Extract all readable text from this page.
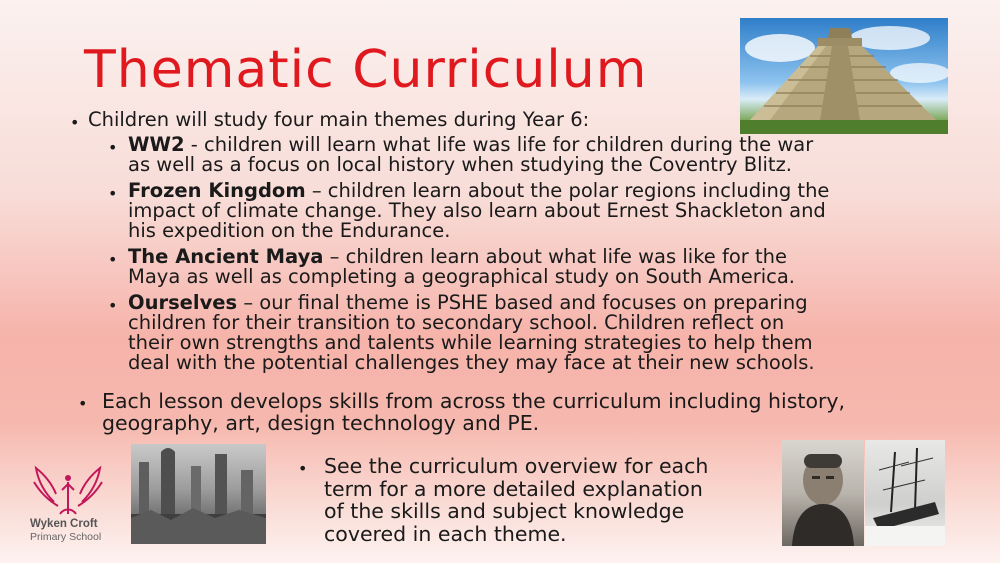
Thematic Curriculum
• Children will study four main themes during Year 6:
• WW2 - children will learn what life was life for children during the war
as well as a focus on local history when studying the Coventry Blitz.
• Frozen Kingdom – children learn about the polar regions including the
impact of climate change. They also learn about Ernest Shackleton and
his expedition on the Endurance.
• The Ancient Maya – children learn about what life was like for the
Maya as well as completing a geographical study on South America.
• Ourselves – our final theme is PSHE based and focuses on preparing
children for their transition to secondary school. Children reflect on
their own strengths and talents while learning strategies to help them
deal with the potential challenges they may face at their new schools.
• Each lesson develops skills from across the curriculum including history,
geography, art, design technology and PE.
Wyken Croft
Primary School
• See the curriculum overview for each
term for a more detailed explanation
of the skills and subject knowledge
covered in each theme.
